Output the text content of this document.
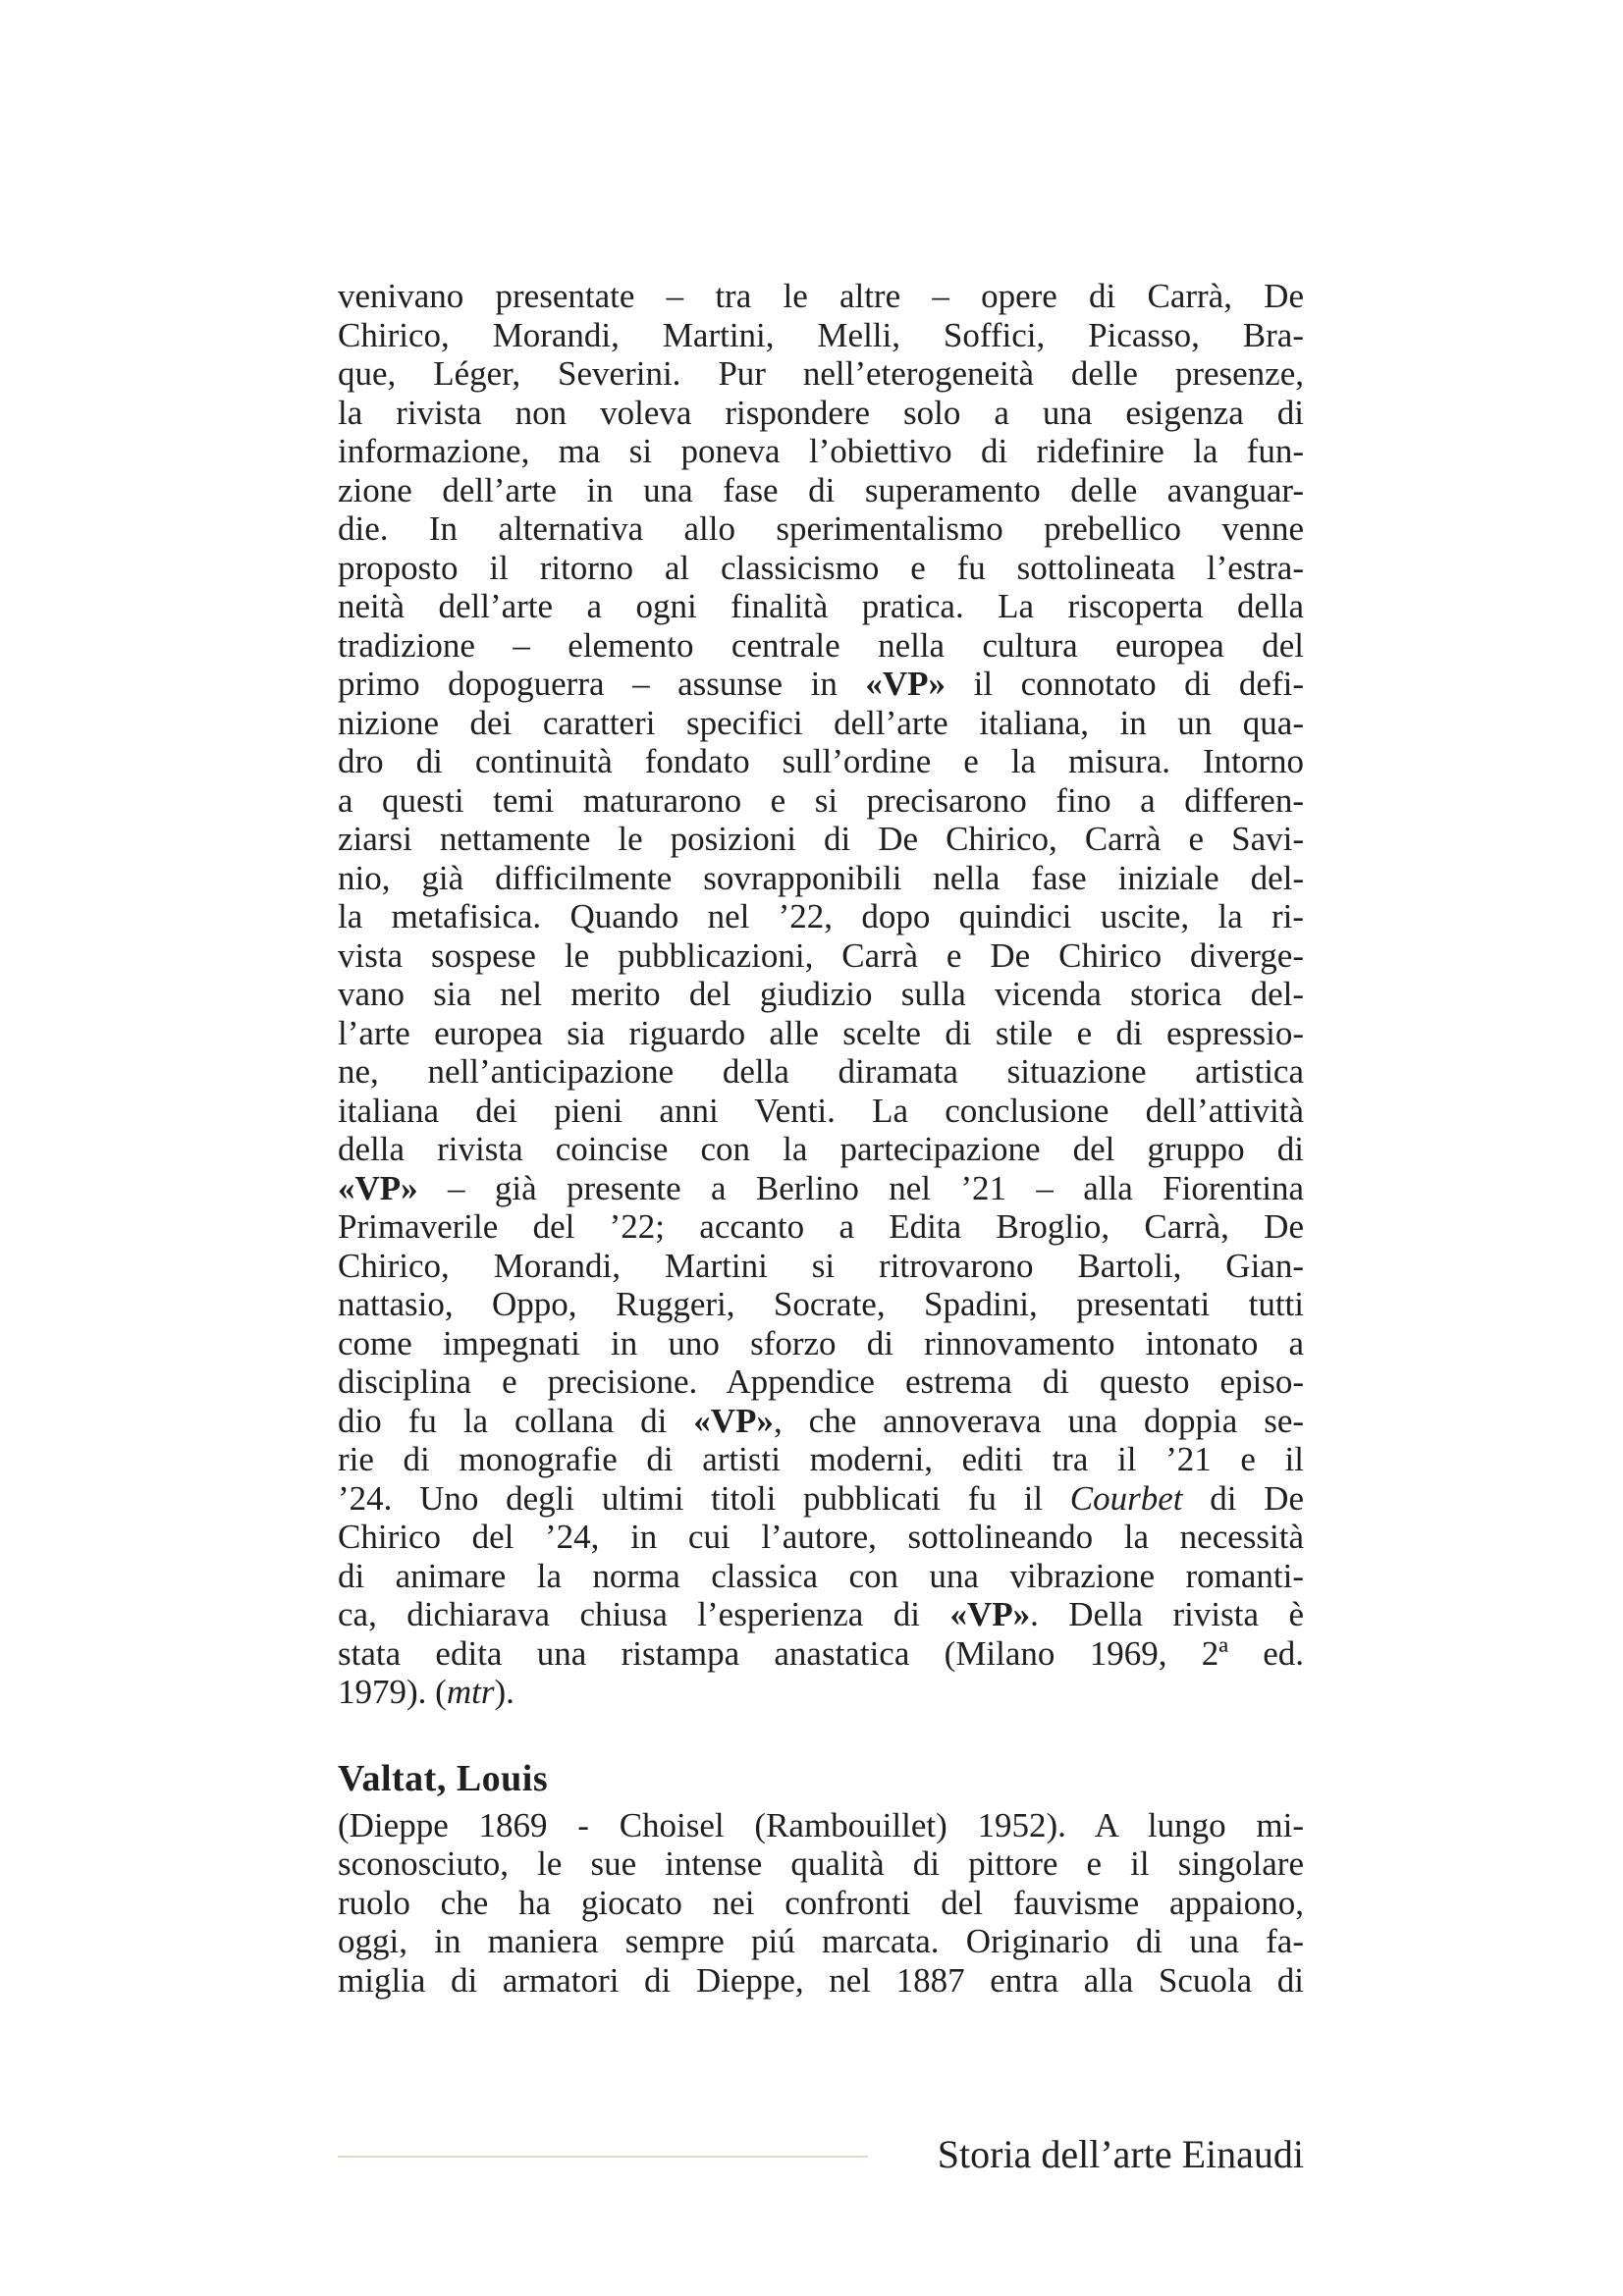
venivano presentate – tra le altre – opere di Carrà, De
Chirico, Morandi, Martini, Melli, Soffici, Picasso, Bra-
que, Léger, Severini. Pur nell’eterogeneità delle presenze,
la rivista non voleva rispondere solo a una esigenza di
informazione, ma si poneva l’obiettivo di ridefinire la fun-
zione dell’arte in una fase di superamento delle avanguar-
die. In alternativa allo sperimentalismo prebellico venne
proposto il ritorno al classicismo e fu sottolineata l’estra-
neità dell’arte a ogni finalità pratica. La riscoperta della
tradizione – elemento centrale nella cultura europea del
primo dopoguerra – assunse in «VP» il connotato di defi-
nizione dei caratteri specifici dell’arte italiana, in un qua-
dro di continuità fondato sull’ordine e la misura. Intorno
a questi temi maturarono e si precisarono fino a differen-
ziarsi nettamente le posizioni di De Chirico, Carrà e Savi-
nio, già difficilmente sovrapponibili nella fase iniziale del-
la metafisica. Quando nel ’22, dopo quindici uscite, la ri-
vista sospese le pubblicazioni, Carrà e De Chirico diverge-
vano sia nel merito del giudizio sulla vicenda storica del-
l’arte europea sia riguardo alle scelte di stile e di espressio-
ne, nell’anticipazione della diramata situazione artistica
italiana dei pieni anni Venti. La conclusione dell’attività
della rivista coincise con la partecipazione del gruppo di
«VP» – già presente a Berlino nel ’21 – alla Fiorentina
Primaverile del ’22; accanto a Edita Broglio, Carrà, De
Chirico, Morandi, Martini si ritrovarono Bartoli, Gian-
nattasio, Oppo, Ruggeri, Socrate, Spadini, presentati tutti
come impegnati in uno sforzo di rinnovamento intonato a
disciplina e precisione. Appendice estrema di questo episo-
dio fu la collana di «VP», che annoverava una doppia se-
rie di monografie di artisti moderni, editi tra il ’21 e il
’24. Uno degli ultimi titoli pubblicati fu il Courbet di De
Chirico del ’24, in cui l’autore, sottolineando la necessità
di animare la norma classica con una vibrazione romanti-
ca, dichiarava chiusa l’esperienza di «VP». Della rivista è
stata edita una ristampa anastatica (Milano 1969, 2ª ed.
1979). (mtr).
Valtat, Louis
(Dieppe 1869 - Choisel (Rambouillet) 1952). A lungo mi-
sconosciuto, le sue intense qualità di pittore e il singolare
ruolo che ha giocato nei confronti del fauvisme appaiono,
oggi, in maniera sempre piú marcata. Originario di una fa-
miglia di armatori di Dieppe, nel 1887 entra alla Scuola di
Storia dell’arte Einaudi
